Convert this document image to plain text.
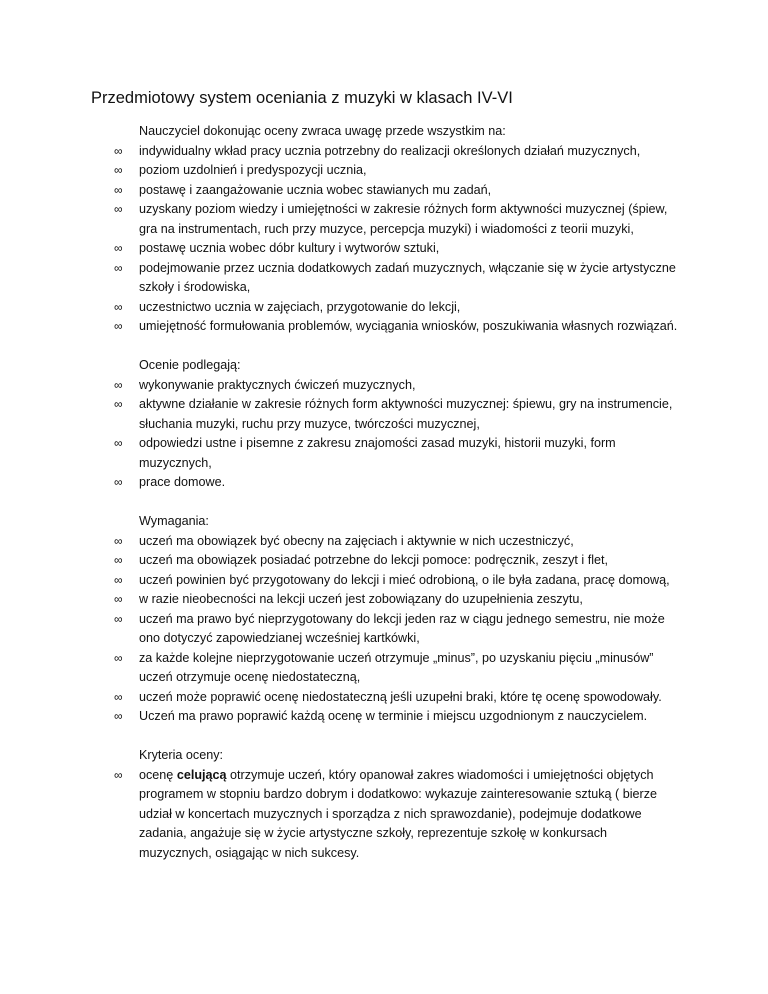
Przedmiotowy system oceniania z muzyki w klasach IV-VI
Nauczyciel dokonując oceny zwraca uwagę przede wszystkim na:
∞ indywidualny wkład pracy ucznia potrzebny do realizacji określonych działań muzycznych,
∞ poziom uzdolnień i predyspozycji ucznia,
∞ postawę i zaangażowanie ucznia wobec stawianych mu zadań,
∞ uzyskany poziom wiedzy i umiejętności w zakresie różnych form aktywności muzycznej (śpiew, gra na instrumentach, ruch przy muzyce, percepcja muzyki) i wiadomości z teorii muzyki,
∞ postawę ucznia wobec dóbr kultury i wytworów sztuki,
∞ podejmowanie przez ucznia dodatkowych zadań muzycznych, włączanie się w życie artystyczne szkoły i środowiska,
∞ uczestnictwo ucznia w zajęciach, przygotowanie do lekcji,
∞ umiejętność formułowania problemów, wyciągania wniosków, poszukiwania własnych rozwiązań.
Ocenie podlegają:
∞ wykonywanie praktycznych ćwiczeń muzycznych,
∞ aktywne działanie w zakresie różnych form aktywności muzycznej: śpiewu, gry na instrumencie, słuchania muzyki, ruchu przy muzyce, twórczości muzycznej,
∞ odpowiedzi ustne i pisemne z zakresu znajomości zasad muzyki, historii muzyki, form muzycznych,
∞ prace domowe.
Wymagania:
∞ uczeń ma obowiązek być obecny na zajęciach i aktywnie w nich uczestniczyć,
∞ uczeń ma obowiązek posiadać potrzebne do lekcji pomoce: podręcznik, zeszyt i flet,
∞ uczeń powinien być przygotowany do lekcji i mieć odrobioną, o ile była zadana, pracę domową,
∞ w razie nieobecności na lekcji uczeń jest zobowiązany do uzupełnienia zeszytu,
∞ uczeń ma prawo być nieprzygotowany do lekcji jeden raz w ciągu jednego semestru, nie może ono dotyczyć zapowiedzianej wcześniej kartkówki,
∞ za każde kolejne nieprzygotowanie uczeń otrzymuje „minus”, po uzyskaniu pięciu „minusów” uczeń otrzymuje ocenę niedostateczną,
∞ uczeń może poprawić ocenę niedostateczną jeśli uzupełni braki, które tę ocenę spowodowały.
∞ Uczeń ma prawo poprawić każdą ocenę w terminie i miejscu uzgodnionym z nauczycielem.
Kryteria oceny:
∞ ocenę celującą otrzymuje uczeń, który opanował zakres wiadomości i umiejętności objętych programem w stopniu bardzo dobrym i dodatkowo: wykazuje zainteresowanie sztuką ( bierze udział w koncertach muzycznych i sporządza z nich sprawozdanie), podejmuje dodatkowe zadania, angażuje się w życie artystyczne szkoły, reprezentuje szkołę w konkursach muzycznych, osiągając w nich sukcesy.
